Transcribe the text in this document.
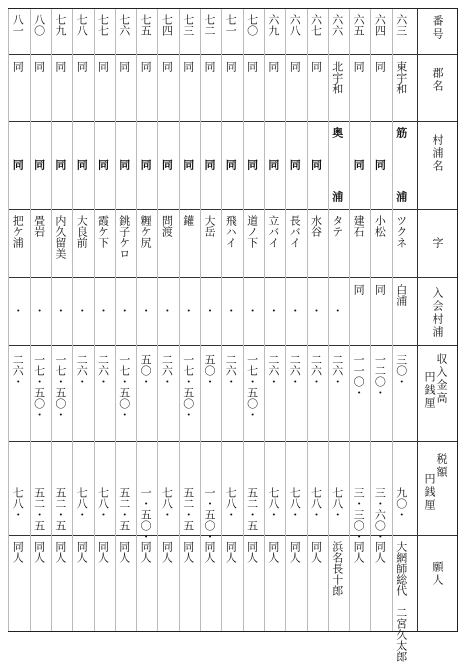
番号
郡名
村浦名
字
入会村浦
収入金高
円銭厘
税額
円銭厘
願人
六三
東宇和
筋
浦
ツクネ
白浦
三〇・
九〇・
大網師総代　二宮久太郎
六四
同
同
小松
同
一二〇・
三・六〇・
同人
六五
同
同
建石
同
一一〇・
三・三〇・
同人
六六
北宇和
奥
浦
タテ
・
二六・
七八・
浜名長十郎
六七
同
同
水谷
・
二六・
七八・
同人
六八
同
同
長バイ
・
二六・
七八・
同人
六九
同
同
立バイ
・
二六・
七八・
同人
七〇
同
同
道ノ下
・
一七・五〇・
五二・五
同人
七一
同
同
飛ハイ
・
二六・
七八・
同人
七二
同
同
大岳
・
五〇・
一・五〇・
同人
七三
同
同
鑵
・
一七・五〇・
五二・五
同人
七四
同
同
問渡
・
二六・
七八・
同人
七五
同
同
糎ケ尻
・
五〇・
一・五〇・
同人
七六
同
同
銚子ケロ
・
一七・五〇・
五二・五
同人
七七
同
同
霞ケ下
・
二六・
七八・
同人
七八
同
同
大良前
・
二六・
七八・
同人
七九
同
同
内久留美
・
一七・五〇・
五二・五
同人
八〇
同
同
畳岩
・
一七・五〇・
五二・五
同人
八一
同
同
把ケ浦
・
二六・
七八・
同人
